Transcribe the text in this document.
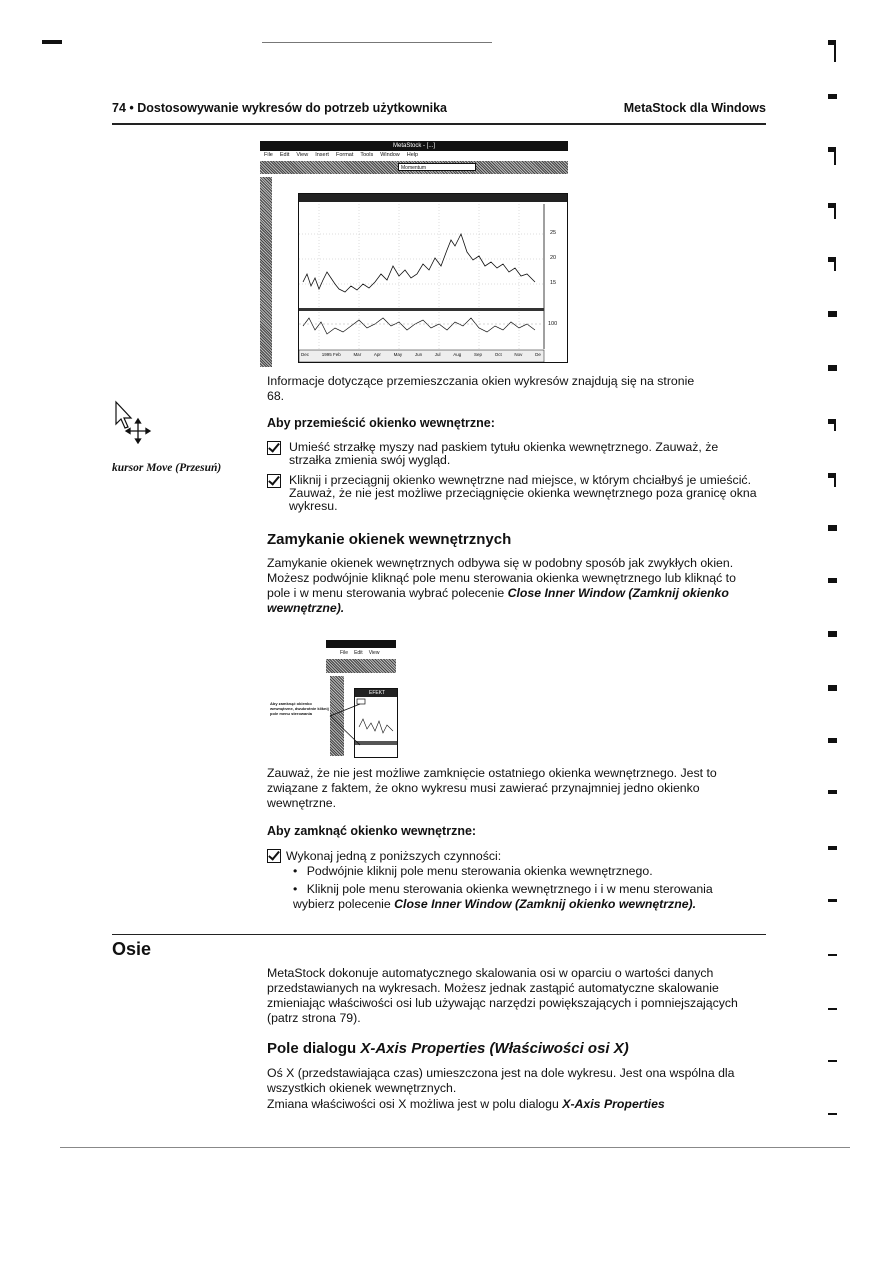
74 • Dostosowywanie wykresów do potrzeb użytkownika	MetaStock dla Windows
MetaStock - [...]
File Edit View Insert Format Tools Window Help
Momentum
25
20
15
100
Dec	1995 Feb	Mar	Apr	May	Jun	Jul	Aug	Sep	Oct	Nov	De
kursor Move (Przesuń)

Informacje dotyczące przemieszczania okien wykresów znajdują się na stronie 68.

Aby przemieścić okienko wewnętrzne:
Umieść strzałkę myszy nad paskiem tytułu okienka wewnętrznego. Zauważ, że strzałka zmienia swój wygląd.
Kliknij i przeciągnij okienko wewnętrzne nad miejsce, w którym chciałbyś je umieścić. Zauważ, że nie jest możliwe przeciągnięcie okienka wewnętrznego poza granicę okna wykresu.
Zamykanie okienek wewnętrznych

Zamykanie okienek wewnętrznych odbywa się w podobny sposób jak zwykłych okien. Możesz podwójnie kliknąć pole menu sterowania okienka wewnętrznego lub kliknąć to pole i w menu sterowania wybrać polecenie Close Inner Window (Zamknij okienko wewnętrzne).

File Edit View
EFEKT
Aby zamknąć okienko wewnętrzne, dwukrotnie kliknij pole menu sterowania

Zauważ, że nie jest możliwe zamknięcie ostatniego okienka wewnętrznego. Jest to związane z faktem, że okno wykresu musi zawierać przynajmniej jedno okienko wewnętrzne.

Aby zamknąć okienko wewnętrzne:
Wykonaj jedną z poniższych czynności:
• Podwójnie kliknij pole menu sterowania okienka wewnętrznego.
• Kliknij pole menu sterowania okienka wewnętrznego i i w menu sterowania wybierz polecenie Close Inner Window (Zamknij okienko wewnętrzne).
Osie

MetaStock dokonuje automatycznego skalowania osi w oparciu o wartości danych przedstawianych na wykresach. Możesz jednak zastąpić automatyczne skalowanie zmieniając właściwości osi lub używając narzędzi powiększających i pomniejszających (patrz strona 79).

Pole dialogu X-Axis Properties (Właściwości osi X)

Oś X (przedstawiająca czas) umieszczona jest na dole wykresu. Jest ona wspólna dla wszystkich okienek wewnętrznych.

Zmiana właściwości osi X możliwa jest w polu dialogu X-Axis Properties
